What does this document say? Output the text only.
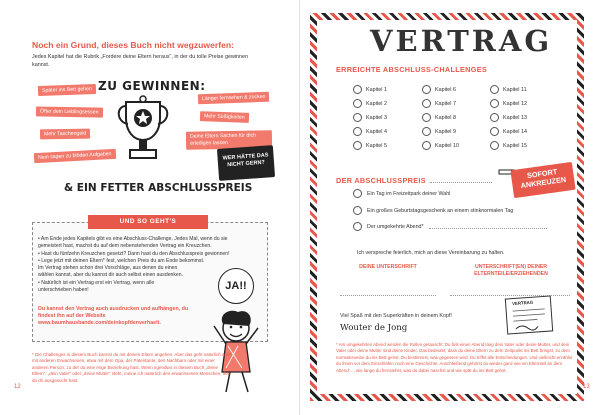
Noch ein Grund, dieses Buch nicht wegzuwerfen:
Jedes Kapitel hat die Rubrik „Fordere deine Eltern heraus“, in der du tolle Preise gewinnen kannst.
ZU GEWINNEN:
Später ins Bett gehen
Öfter dein Lieblingsessen
Mehr Taschengeld
Nein sagen zu blöden Aufgaben
Länger fernsehen & zocken
Mehr Süßigkeiten
Deine Eltern Sachen für dich erledigen lassen
WER HÄTTE DAS NICHT GERN?
& EIN FETTER ABSCHLUSSPREIS
UND SO GEHT'S
• Am Ende jedes Kapitels gibt es eine Abschluss-Challenge. Jedes Mal, wenn du sie
gemeistert hast, machst du auf dem nebenstehenden Vertrag ein Kreuzchen.
• Hast du fünfzehn Kreuzchen gesetzt? Dann hast du den Abschlusspreis gewonnen!
• Lege jetzt mit deinen Eltern* fest, welchen Preis du am Ende bekommst.
Im Vertrag stehen schon drei Vorschläge, aus denen du einen
wählen kannst, aber du kannst dir auch selbst einen ausdenken.
• Natürlich ist ein Vertrag erst ein Vertrag, wenn alle
unterschrieben haben!
Du kannst den Vertrag auch ausdrucken und aufhängen, du findest ihn auf der Website www.baumhausbande.com/deinkopfdenverhaelt.
JA!!
* Die Challenges in diesem Buch kannst du mit deinen Eltern angehen. Aber das geht natürlich auch mit anderen Erwachsenen, etwa mit dem Opa, der Patentante, den Nachbarn oder mit einer anderen Person, zu der du eine enge Beziehung hast. Wenn irgendwo in diesem Buch „deine Eltern“, „dein Vater“ oder „deine Mutter“ steht, meine ich natürlich den erwachsenen Menschen, den du dir ausgesucht hast.
12
VERTRAG
ERREICHTE ABSCHLUSS-CHALLENGES
Kapitel 1
Kapitel 2
Kapitel 3
Kapitel 4
Kapitel 5
Kapitel 6
Kapitel 7
Kapitel 8
Kapitel 9
Kapitel 10
Kapitel 11
Kapitel 12
Kapitel 13
Kapitel 14
Kapitel 15
SOFORT ANKREUZEN
DER ABSCHLUSSPREIS
Ein Tag im Freizeitpark deiner Wahl
Ein großes Geburtstagsgeschenk an einem stinknormalen Tag
Der umgekehrte Abend*
Ich verspreche feierlich, mich an diese Vereinbarung zu halten.
DEINE UNTERSCHRIFT	UNTERSCHRIFT(EN) DEINER ELTERNTEILE/ERZIEHENDEN
Viel Spaß mit den Superkräften in deinem Kopf!
Wouter de Jong
VERTRAG
* Am umgekehrten Abend werden die Rollen getauscht: Du bist einen Abend lang dein Vater oder deine Mutter, und dein Vater oder deine Mutter sind deine Kinder. Das bedeutet, dass du deine Eltern zu dem Zeitpunkt ins Bett bringst, zu dem normalerweise du ins Bett gehst. Du bestimmst, was gegessen wird. Du triffst alle Entscheidungen. Und vielleicht erzählst du ihnen vor dem Einschlafen noch eine Geschichte. Anschließend gehörst du wieder ganz wie ein Elternteil an dem Abend: ... wie lange du fernsiehst, was du dabei naschst und wie spät du ins Bett gehst.
13
